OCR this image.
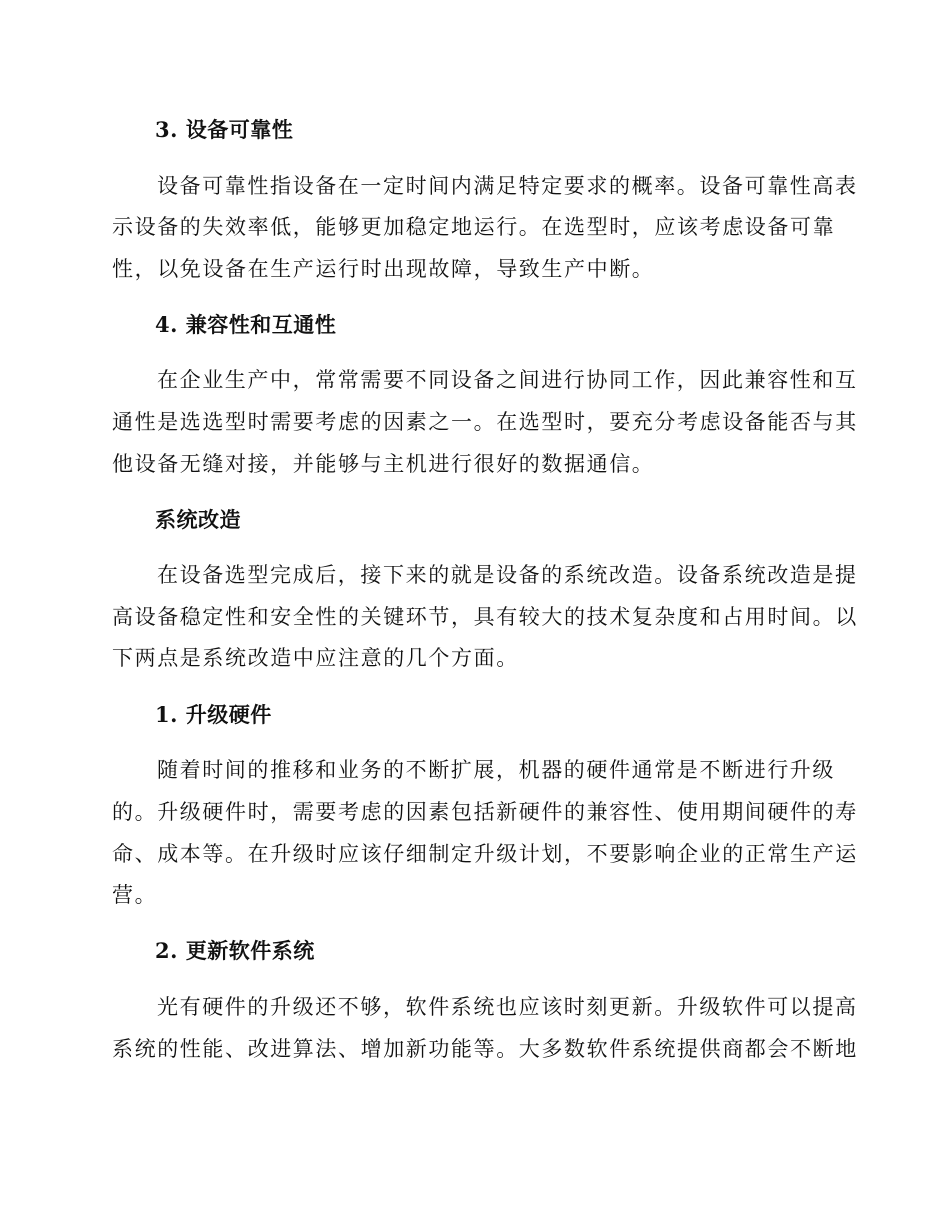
3. 设备可靠性
设备可靠性指设备在一定时间内满足特定要求的概率。设备可靠性高表
示设备的失效率低，能够更加稳定地运行。在选型时，应该考虑设备可靠
性，以免设备在生产运行时出现故障，导致生产中断。
4. 兼容性和互通性
在企业生产中，常常需要不同设备之间进行协同工作，因此兼容性和互
通性是选选型时需要考虑的因素之一。在选型时，要充分考虑设备能否与其
他设备无缝对接，并能够与主机进行很好的数据通信。
系统改造
在设备选型完成后，接下来的就是设备的系统改造。设备系统改造是提
高设备稳定性和安全性的关键环节，具有较大的技术复杂度和占用时间。以
下两点是系统改造中应注意的几个方面。
1. 升级硬件
随着时间的推移和业务的不断扩展，机器的硬件通常是不断进行升级
的。升级硬件时，需要考虑的因素包括新硬件的兼容性、使用期间硬件的寿
命、成本等。在升级时应该仔细制定升级计划，不要影响企业的正常生产运
营。
2. 更新软件系统
光有硬件的升级还不够，软件系统也应该时刻更新。升级软件可以提高
系统的性能、改进算法、增加新功能等。大多数软件系统提供商都会不断地
